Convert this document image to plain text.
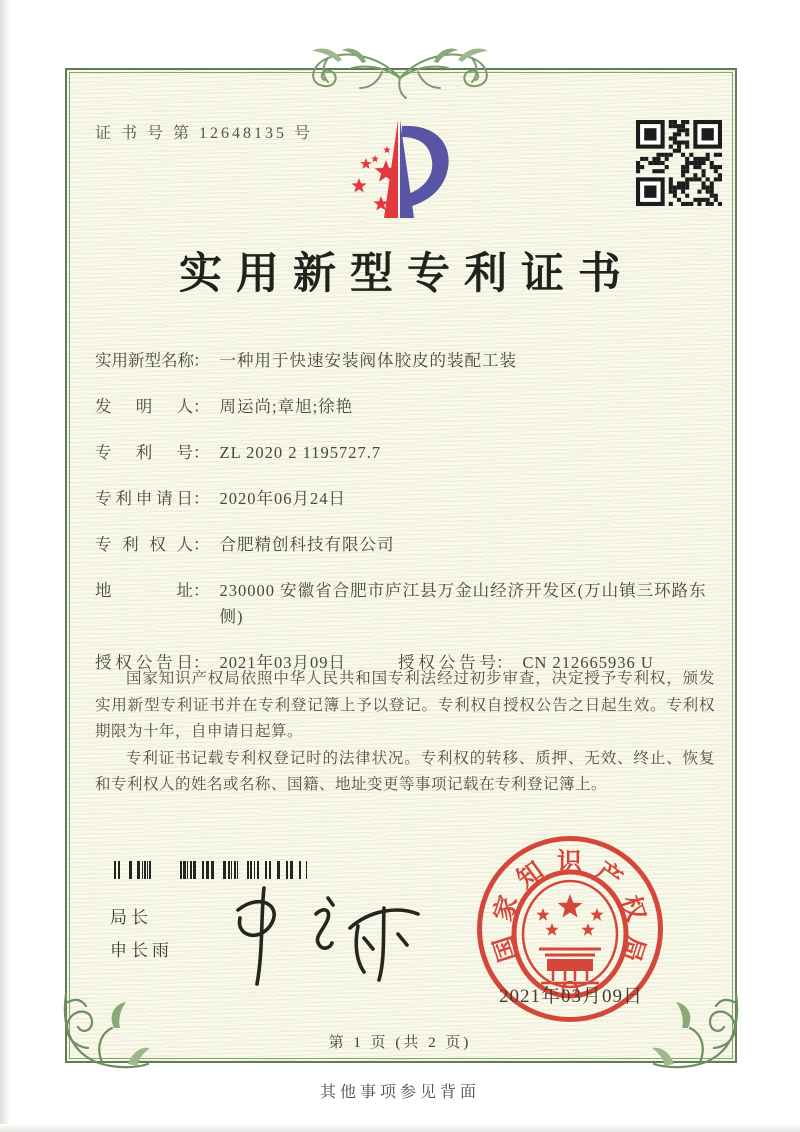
证 书 号 第 12648135 号
实用新型专利证书
实 用 新 型 名 称 ： 一种用于快速安装阀体胶皮的装配工装
发 明 人 ： 周运尚;章旭;徐艳
专 利 号 ： ZL 2020 2 1195727.7
专 利 申 请 日 ： 2020年06月24日
专 利 权 人 ： 合肥精创科技有限公司
地	址 ： 230000 安徽省合肥市庐江县万金山经济开发区(万山镇三环路东侧)
授 权 公 告 日 ： 2021年03月09日	授 权 公 告 号 ： CN 212665936 U

国家知识产权局依照中华人民共和国专利法经过初步审查，决定授予专利权，颁发实用新型专利证书并在专利登记簿上予以登记。专利权自授权公告之日起生效。专利权期限为十年，自申请日起算。

专利证书记载专利权登记时的法律状况。专利权的转移、质押、无效、终止、恢复和专利权人的姓名或名称、国籍、地址变更等事项记载在专利登记簿上。

局长
申长雨	国
家
知 识 产
权
局
2021年03月09日
第 1 页 (共 2 页)
其他事项参见背面
